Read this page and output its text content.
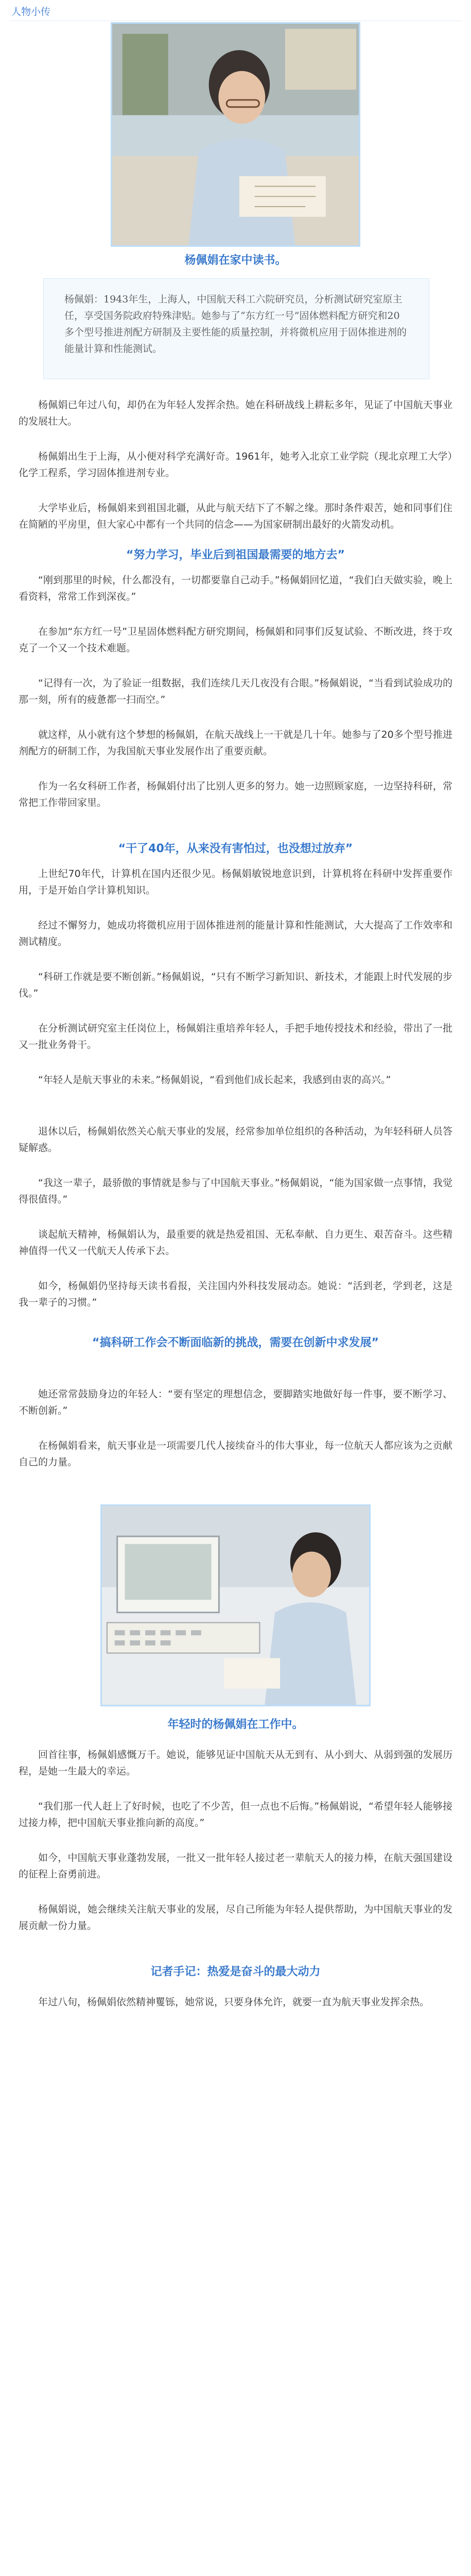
人物小传
杨佩娟在家中读书。
杨佩娟：1943年生，上海人，中国航天科工六院研究员，分析测试研究室原主任，享受国务院政府特殊津贴。她参与了“东方红一号”固体燃料配方研究和20多个型号推进剂配方研制及主要性能的质量控制，并将微机应用于固体推进剂的能量计算和性能测试。

杨佩娟已年过八旬，却仍在为年轻人发挥余热。她在科研战线上耕耘多年，见证了中国航天事业的发展壮大。

杨佩娟出生于上海，从小便对科学充满好奇。1961年，她考入北京工业学院（现北京理工大学）化学工程系，学习固体推进剂专业。

大学毕业后，杨佩娟来到祖国北疆，从此与航天结下了不解之缘。那时条件艰苦，她和同事们住在简陋的平房里，但大家心中都有一个共同的信念——为国家研制出最好的火箭发动机。

“努力学习，毕业后到祖国最需要的地方去”

“刚到那里的时候，什么都没有，一切都要靠自己动手。”杨佩娟回忆道，“我们白天做实验，晚上看资料，常常工作到深夜。”

在参加“东方红一号”卫星固体燃料配方研究期间，杨佩娟和同事们反复试验、不断改进，终于攻克了一个又一个技术难题。

“记得有一次，为了验证一组数据，我们连续几天几夜没有合眼。”杨佩娟说，“当看到试验成功的那一刻，所有的疲惫都一扫而空。”

就这样，从小就有这个梦想的杨佩娟，在航天战线上一干就是几十年。她参与了20多个型号推进剂配方的研制工作，为我国航天事业发展作出了重要贡献。

作为一名女科研工作者，杨佩娟付出了比别人更多的努力。她一边照顾家庭，一边坚持科研，常常把工作带回家里。

“干了40年，从来没有害怕过，也没想过放弃”

上世纪70年代，计算机在国内还很少见。杨佩娟敏锐地意识到，计算机将在科研中发挥重要作用，于是开始自学计算机知识。

经过不懈努力，她成功将微机应用于固体推进剂的能量计算和性能测试，大大提高了工作效率和测试精度。

“科研工作就是要不断创新。”杨佩娟说，“只有不断学习新知识、新技术，才能跟上时代发展的步伐。”

在分析测试研究室主任岗位上，杨佩娟注重培养年轻人，手把手地传授技术和经验，带出了一批又一批业务骨干。

“年轻人是航天事业的未来。”杨佩娟说，“看到他们成长起来，我感到由衷的高兴。”

退休以后，杨佩娟依然关心航天事业的发展，经常参加单位组织的各种活动，为年轻科研人员答疑解惑。

“我这一辈子，最骄傲的事情就是参与了中国航天事业。”杨佩娟说，“能为国家做一点事情，我觉得很值得。”

谈起航天精神，杨佩娟认为，最重要的就是热爱祖国、无私奉献、自力更生、艰苦奋斗。这些精神值得一代又一代航天人传承下去。

如今，杨佩娟仍坚持每天读书看报，关注国内外科技发展动态。她说：“活到老，学到老，这是我一辈子的习惯。”

“搞科研工作会不断面临新的挑战，需要在创新中求发展”

她还常常鼓励身边的年轻人：“要有坚定的理想信念，要脚踏实地做好每一件事，要不断学习、不断创新。”

在杨佩娟看来，航天事业是一项需要几代人接续奋斗的伟大事业，每一位航天人都应该为之贡献自己的力量。

年轻时的杨佩娟在工作中。

回首往事，杨佩娟感慨万千。她说，能够见证中国航天从无到有、从小到大、从弱到强的发展历程，是她一生最大的幸运。

“我们那一代人赶上了好时候，也吃了不少苦，但一点也不后悔。”杨佩娟说，“希望年轻人能够接过接力棒，把中国航天事业推向新的高度。”

如今，中国航天事业蓬勃发展，一批又一批年轻人接过老一辈航天人的接力棒，在航天强国建设的征程上奋勇前进。

杨佩娟说，她会继续关注航天事业的发展，尽自己所能为年轻人提供帮助，为中国航天事业的发展贡献一份力量。

记者手记：热爱是奋斗的最大动力

年过八旬，杨佩娟依然精神矍铄，她常说，只要身体允许，就要一直为航天事业发挥余热。
